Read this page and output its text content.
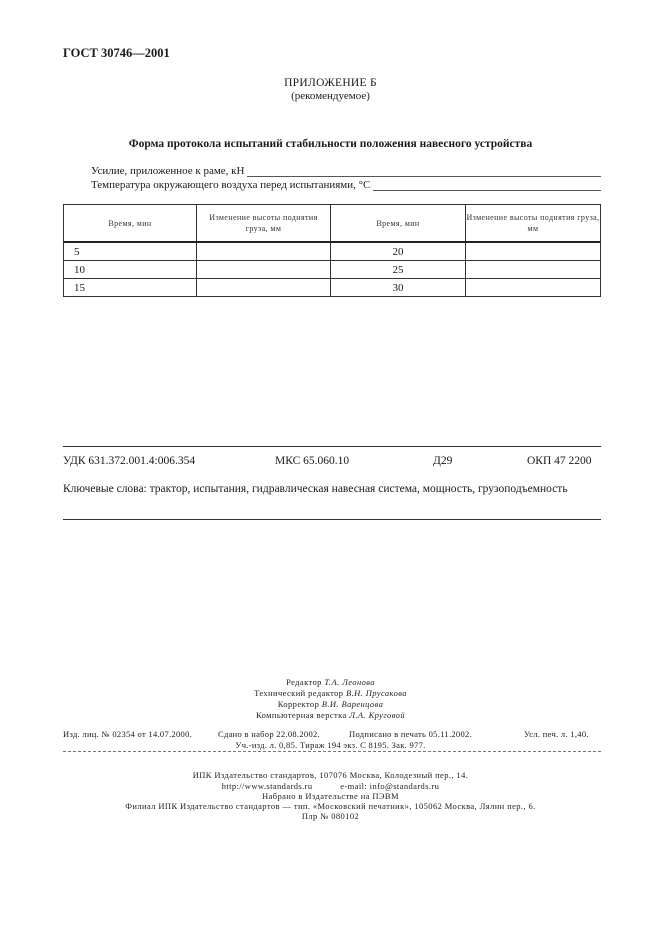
ГОСТ 30746—2001
ПРИЛОЖЕНИЕ Б
(рекомендуемое)
Форма протокола испытаний стабильности положения навесного устройства
Усилие, приложенное к раме, кН
Температура окружающего воздуха перед испытаниями, °С
Время, мин	Изменение высоты поднятия груза, мм	Время, мин	Изменение высоты поднятия груза, мм
5		20	
10		25	
15		30	
УДК 631.372.001.4:006.354	МКС 65.060.10	Д29	ОКП 47 2200
Ключевые слова: трактор, испытания, гидравлическая навесная система, мощность, грузоподъемность
Редактор Т.А. Леонова
Технический редактор В.Н. Прусакова
Корректор В.И. Варенцова
Компьютерная верстка Л.А. Круговой
Изд. лиц. № 02354 от 14.07.2000.	Сдано в набор 22.08.2002.	Подписано в печать 05.11.2002.	Усл. печ. л. 1,40.
Уч.-изд. л. 0,85. Тираж 194 экз. С 8195. Зак. 977.
ИПК Издательство стандартов, 107076 Москва, Колодезный пер., 14.
http://www.standards.ru	e-mail: info@standards.ru
Набрано в Издательстве на ПЭВМ
Филиал ИПК Издательство стандартов — тип. «Московский печатник», 105062 Москва, Лялин пер., 6.
Плр № 080102
